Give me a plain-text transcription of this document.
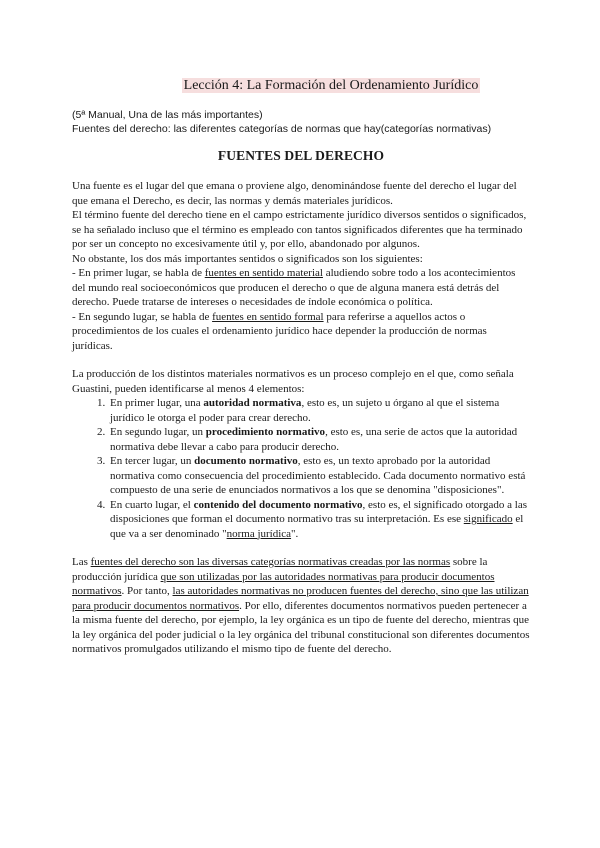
Lección 4: La Formación del Ordenamiento Jurídico
(5ª Manual, Una de las más importantes)
Fuentes del derecho: las diferentes categorías de normas que hay(categorías normativas)
FUENTES DEL DERECHO

Una fuente es el lugar del que emana o proviene algo, denominándose fuente del derecho el lugar del que emana el Derecho, es decir, las normas y demás materiales jurídicos.

El término fuente del derecho tiene en el campo estrictamente jurídico diversos sentidos o significados, se ha señalado incluso que el término es empleado con tantos significados diferentes que ha terminado por ser un concepto no excesivamente útil y, por ello, abandonado por algunos.

No obstante, los dos más importantes sentidos o significados son los siguientes:

- En primer lugar, se habla de fuentes en sentido material aludiendo sobre todo a los acontecimientos del mundo real socioeconómicos que producen el derecho o que de alguna manera está detrás del derecho. Puede tratarse de intereses o necesidades de índole económica o política.

- En segundo lugar, se habla de fuentes en sentido formal para referirse a aquellos actos o procedimientos de los cuales el ordenamiento jurídico hace depender la producción de normas jurídicas.

La producción de los distintos materiales normativos es un proceso complejo en el que, como señala Guastini, pueden identificarse al menos 4 elementos:

1. En primer lugar, una autoridad normativa, esto es, un sujeto u órgano al que el sistema jurídico le otorga el poder para crear derecho.
2. En segundo lugar, un procedimiento normativo, esto es, una serie de actos que la autoridad normativa debe llevar a cabo para producir derecho.
3. En tercer lugar, un documento normativo, esto es, un texto aprobado por la autoridad normativa como consecuencia del procedimiento establecido. Cada documento normativo está compuesto de una serie de enunciados normativos a los que se denomina "disposiciones".
4. En cuarto lugar, el contenido del documento normativo, esto es, el significado otorgado a las disposiciones que forman el documento normativo tras su interpretación. Es ese significado el que va a ser denominado "norma jurídica".

Las fuentes del derecho son las diversas categorías normativas creadas por las normas sobre la producción jurídica que son utilizadas por las autoridades normativas para producir documentos normativos. Por tanto, las autoridades normativas no producen fuentes del derecho, sino que las utilizan para producir documentos normativos. Por ello, diferentes documentos normativos pueden pertenecer a la misma fuente del derecho, por ejemplo, la ley orgánica es un tipo de fuente del derecho, mientras que la ley orgánica del poder judicial o la ley orgánica del tribunal constitucional son diferentes documentos normativos promulgados utilizando el mismo tipo de fuente del derecho.
